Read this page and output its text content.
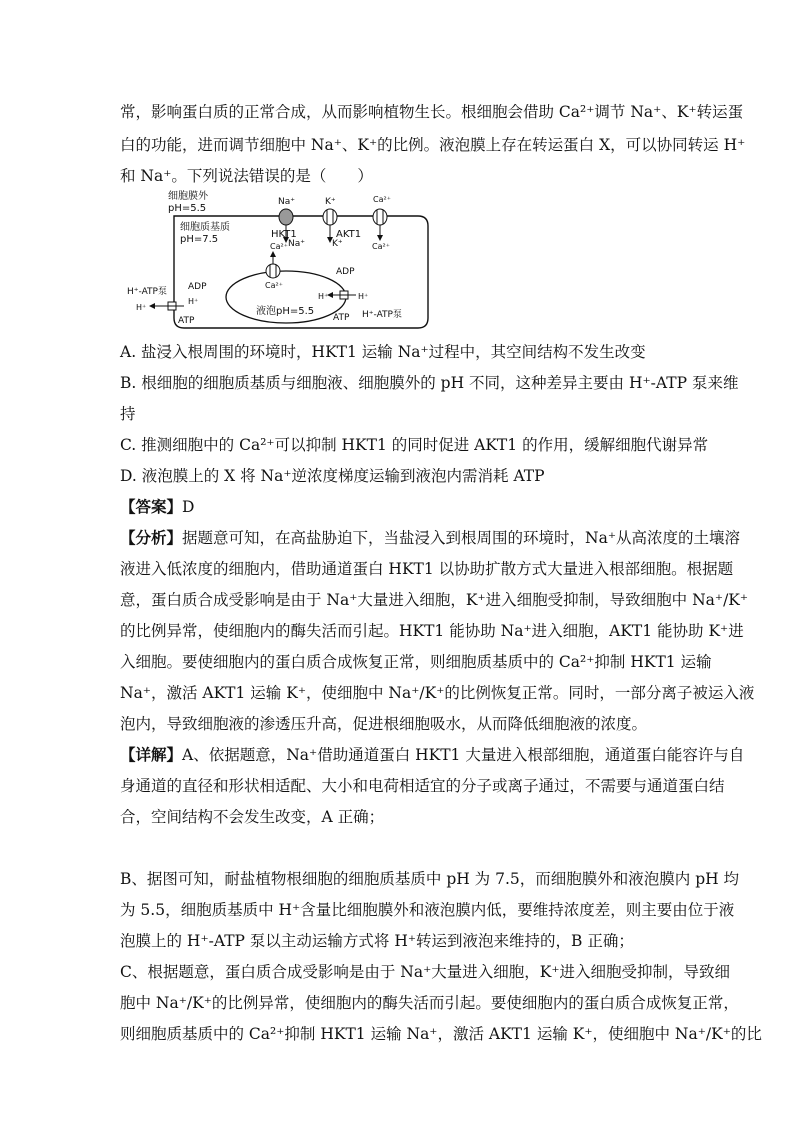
常，影响蛋白质的正常合成，从而影响植物生长。根细胞会借助 Ca²⁺调节 Na⁺、K⁺转运蛋
白的功能，进而调节细胞中 Na⁺、K⁺的比例。液泡膜上存在转运蛋白 X，可以协同转运 H⁺
和 Na⁺。下列说法错误的是（　　）
细胞膜外
pH=5.5
细胞质基质
pH=7.5
Na⁺
HKT1
Na⁺
K⁺
AKT1
K⁺
Ca²⁺
Ca²⁺
Ca²⁺
Ca²⁺
液泡pH=5.5
ADP
H⁺	H⁺
ATP H⁺-ATP泵
ADP
H⁺-ATP泵
H⁺
H⁺
ATP
A. 盐浸入根周围的环境时，HKT1 运输 Na⁺过程中，其空间结构不发生改变
B. 根细胞的细胞质基质与细胞液、细胞膜外的 pH 不同，这种差异主要由 H⁺-ATP 泵来维
持
C. 推测细胞中的 Ca²⁺可以抑制 HKT1 的同时促进 AKT1 的作用，缓解细胞代谢异常
D. 液泡膜上的 X 将 Na⁺逆浓度梯度运输到液泡内需消耗 ATP
【答案】D
【分析】据题意可知，在高盐胁迫下，当盐浸入到根周围的环境时，Na⁺从高浓度的土壤溶
液进入低浓度的细胞内，借助通道蛋白 HKT1 以协助扩散方式大量进入根部细胞。根据题
意，蛋白质合成受影响是由于 Na⁺大量进入细胞，K⁺进入细胞受抑制，导致细胞中 Na⁺/K⁺
的比例异常，使细胞内的酶失活而引起。HKT1 能协助 Na⁺进入细胞，AKT1 能协助 K⁺进
入细胞。要使细胞内的蛋白质合成恢复正常，则细胞质基质中的 Ca²⁺抑制 HKT1 运输
Na⁺，激活 AKT1 运输 K⁺，使细胞中 Na⁺/K⁺的比例恢复正常。同时，一部分离子被运入液
泡内，导致细胞液的渗透压升高，促进根细胞吸水，从而降低细胞液的浓度。
【详解】A、依据题意，Na⁺借助通道蛋白 HKT1 大量进入根部细胞，通道蛋白能容许与自
身通道的直径和形状相适配、大小和电荷相适宜的分子或离子通过，不需要与通道蛋白结
合，空间结构不会发生改变，A 正确；
B、据图可知，耐盐植物根细胞的细胞质基质中 pH 为 7.5，而细胞膜外和液泡膜内 pH 均
为 5.5，细胞质基质中 H⁺含量比细胞膜外和液泡膜内低，要维持浓度差，则主要由位于液
泡膜上的 H⁺-ATP 泵以主动运输方式将 H⁺转运到液泡来维持的，B 正确；
C、根据题意，蛋白质合成受影响是由于 Na⁺大量进入细胞，K⁺进入细胞受抑制，导致细
胞中 Na⁺/K⁺的比例异常，使细胞内的酶失活而引起。要使细胞内的蛋白质合成恢复正常，
则细胞质基质中的 Ca²⁺抑制 HKT1 运输 Na⁺，激活 AKT1 运输 K⁺，使细胞中 Na⁺/K⁺的比
